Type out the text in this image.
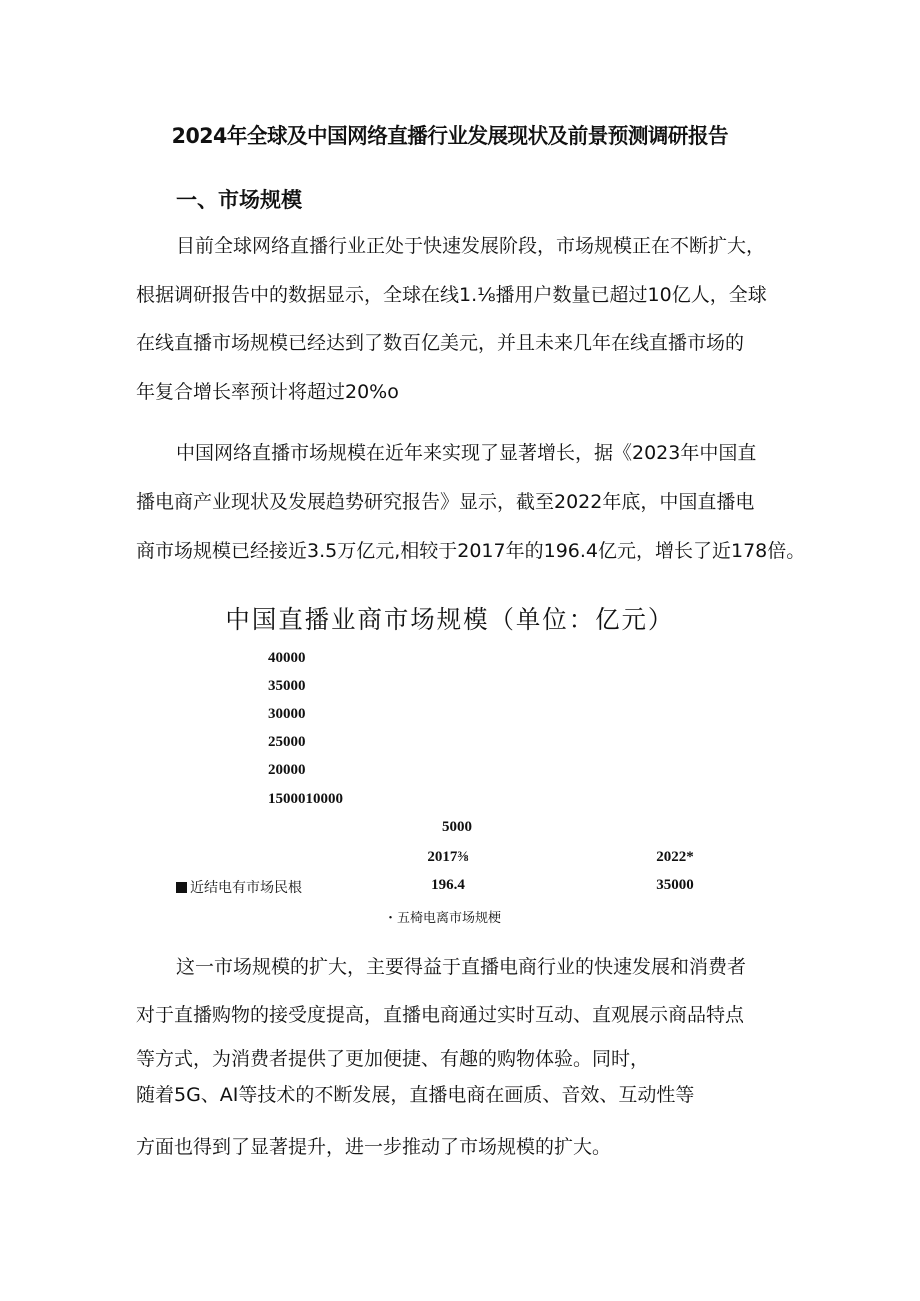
2024年全球及中国网络直播行业发展现状及前景预测调研报告
一、市场规模
目前全球网络直播行业正处于快速发展阶段，市场规模正在不断扩大，
根据调研报告中的数据显示，全球在线1.⅛播用户数量已超过10亿人，全球
在线直播市场规模已经达到了数百亿美元，并且未来几年在线直播市场的
年复合增长率预计将超过20%o
中国网络直播市场规模在近年来实现了显著增长，据《2023年中国直
播电商产业现状及发展趋势研究报告》显示，截至2022年底，中国直播电
商市场规模已经接近3.5万亿元,相较于2017年的196.4亿元，增长了近178倍。
中国直播业商市场规模（单位：亿元）
40000
35000
30000
25000
20000
1500010000
5000
2017⅜	2022*
近结电有市场民根	196.4	35000
・五椅电离市场规梗
这一市场规模的扩大，主要得益于直播电商行业的快速发展和消费者
对于直播购物的接受度提高，直播电商通过实时互动、直观展示商品特点
等方式，为消费者提供了更加便捷、有趣的购物体验。同时，
随着5G、AI等技术的不断发展，直播电商在画质、音效、互动性等
方面也得到了显著提升，进一步推动了市场规模的扩大。
